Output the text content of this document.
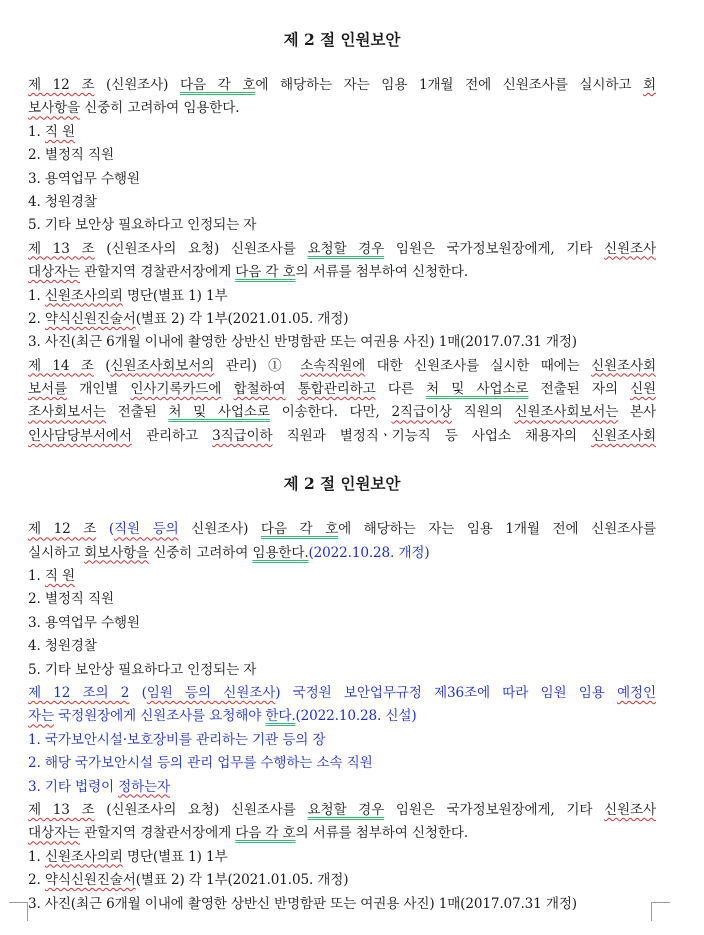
제 2 절 인원보안
제 12 조 (신원조사) 다음 각 호에 해당하는 자는 임용 1개월 전에 신원조사를 실시하고 회
보사항을 신중히 고려하여 임용한다.
1. 직 원
2. 별정직 직원
3. 용역업무 수행원
4. 청원경찰
5. 기타 보안상 필요하다고 인정되는 자
제 13 조 (신원조사의 요청) 신원조사를 요청할 경우 임원은 국가정보원장에게, 기타 신원조사
대상자는 관할지역 경찰관서장에게 다음 각 호의 서류를 첨부하여 신청한다.
1. 신원조사의뢰 명단(별표 1) 1부
2. 약식신원진술서(별표 2) 각 1부(2021.01.05. 개정)
3. 사진(최근 6개월 이내에 촬영한 상반신 반명함판 또는 여권용 사진) 1매(2017.07.31 개정)
제 14 조 (신원조사회보서의 관리) ① 소속직원에 대한 신원조사를 실시한 때에는 신원조사회
보서를 개인별 인사기록카드에 합철하여 통합관리하고 다른 처 및 사업소로 전출된 자의 신원
조사회보서는 전출된 처 및 사업소로 이송한다. 다만, 2직급이상 직원의 신원조사회보서는 본사
인사담당부서에서 관리하고 3직급이하 직원과 별정직ㆍ기능직 등 사업소 채용자의 신원조사회
제 2 절 인원보안
제 12 조 (직원 등의 신원조사) 다음 각 호에 해당하는 자는 임용 1개월 전에 신원조사를
실시하고 회보사항을 신중히 고려하여 임용한다.(2022.10.28. 개정)
1. 직 원
2. 별정직 직원
3. 용역업무 수행원
4. 청원경찰
5. 기타 보안상 필요하다고 인정되는 자
제 12 조의 2 (임원 등의 신원조사) 국정원 보안업무규정 제36조에 따라 임원 임용 예정인
자는 국정원장에게 신원조사를 요청해야 한다.(2022.10.28. 신설)
1. 국가보안시설·보호장비를 관리하는 기관 등의 장
2. 해당 국가보안시설 등의 관리 업무를 수행하는 소속 직원
3. 기타 법령이 정하는자
제 13 조 (신원조사의 요청) 신원조사를 요청할 경우 임원은 국가정보원장에게, 기타 신원조사
대상자는 관할지역 경찰관서장에게 다음 각 호의 서류를 첨부하여 신청한다.
1. 신원조사의뢰 명단(별표 1) 1부
2. 약식신원진술서(별표 2) 각 1부(2021.01.05. 개정)
3. 사진(최근 6개월 이내에 촬영한 상반신 반명함판 또는 여권용 사진) 1매(2017.07.31 개정)
